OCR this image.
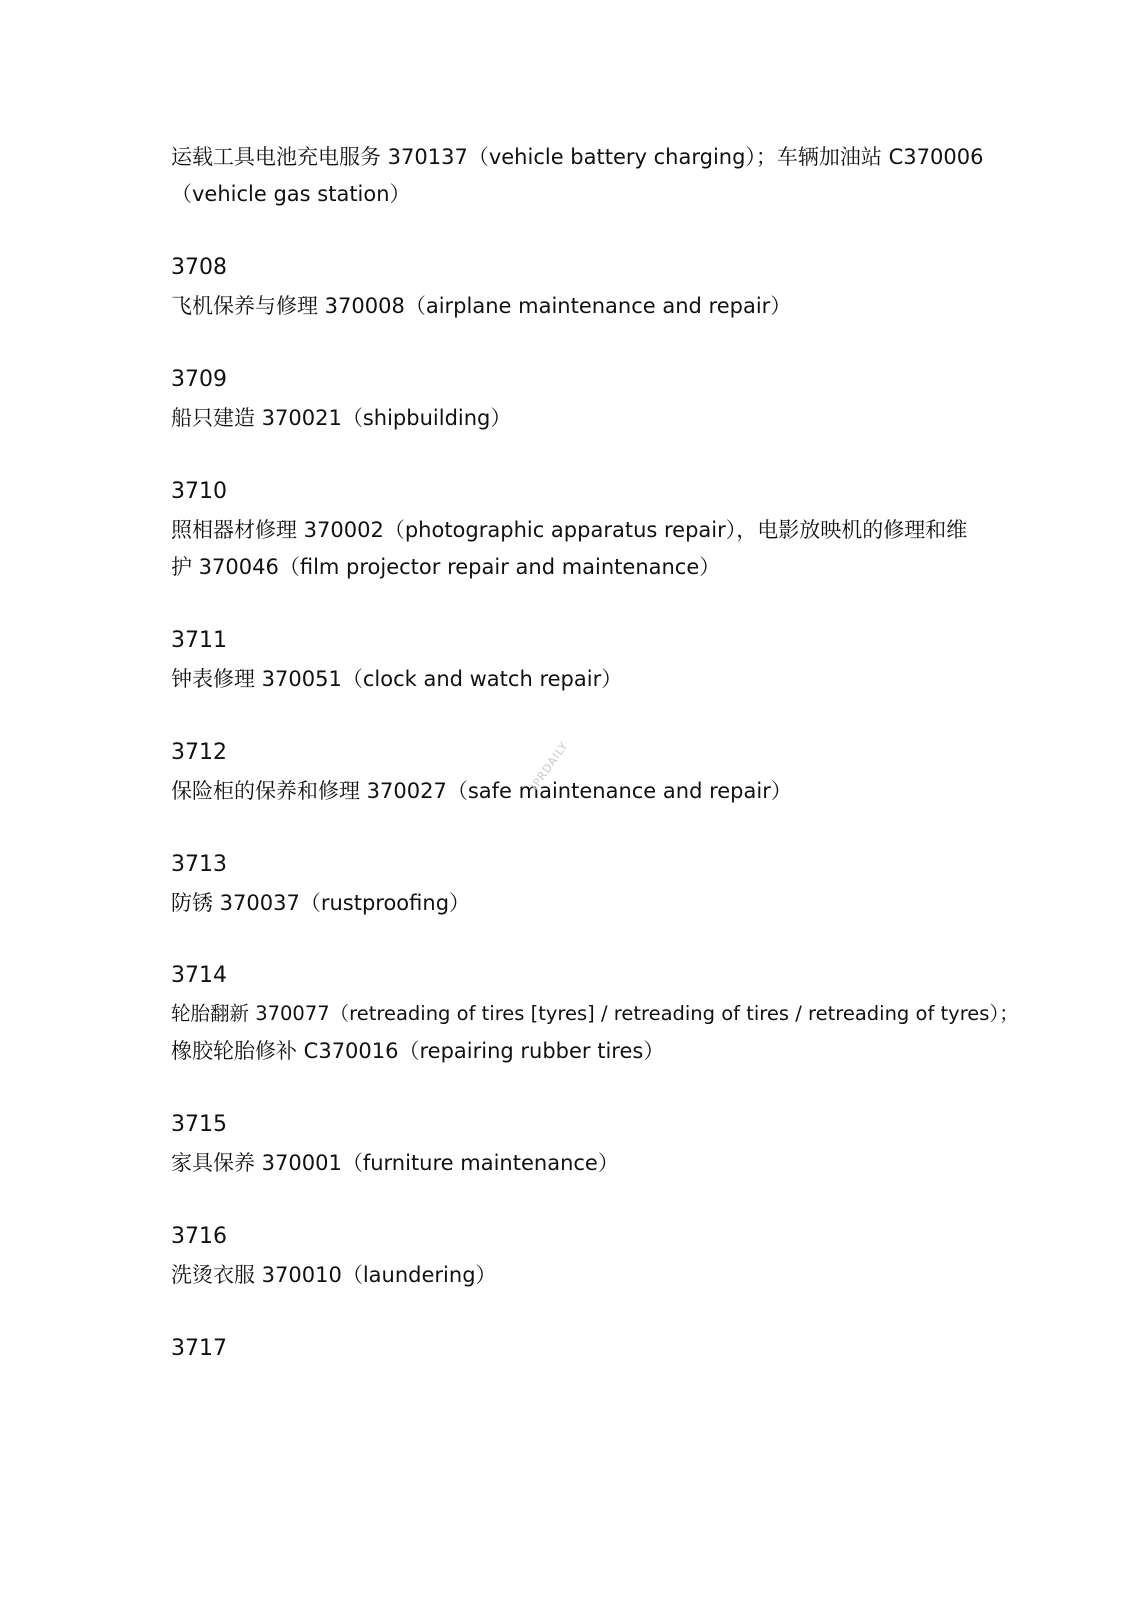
运载工具电池充电服务 370137（vehicle battery charging）；车辆加油站 C370006
（vehicle gas station）
3708
飞机保养与修理 370008（airplane maintenance and repair）
3709
船只建造 370021（shipbuilding）
3710
照相器材修理 370002（photographic apparatus repair），电影放映机的修理和维
护 370046（film projector repair and maintenance）
3711
钟表修理 370051（clock and watch repair）
3712
保险柜的保养和修理 370027（safe maintenance and repair）
3713
防锈 370037（rustproofing）
3714
轮胎翻新 370077（retreading of tires [tyres] / retreading of tires / retreading of tyres）；
橡胶轮胎修补 C370016（repairing rubber tires）
3715
家具保养 370001（furniture maintenance）
3716
洗烫衣服 370010（laundering）
3717
IPRDAILY
